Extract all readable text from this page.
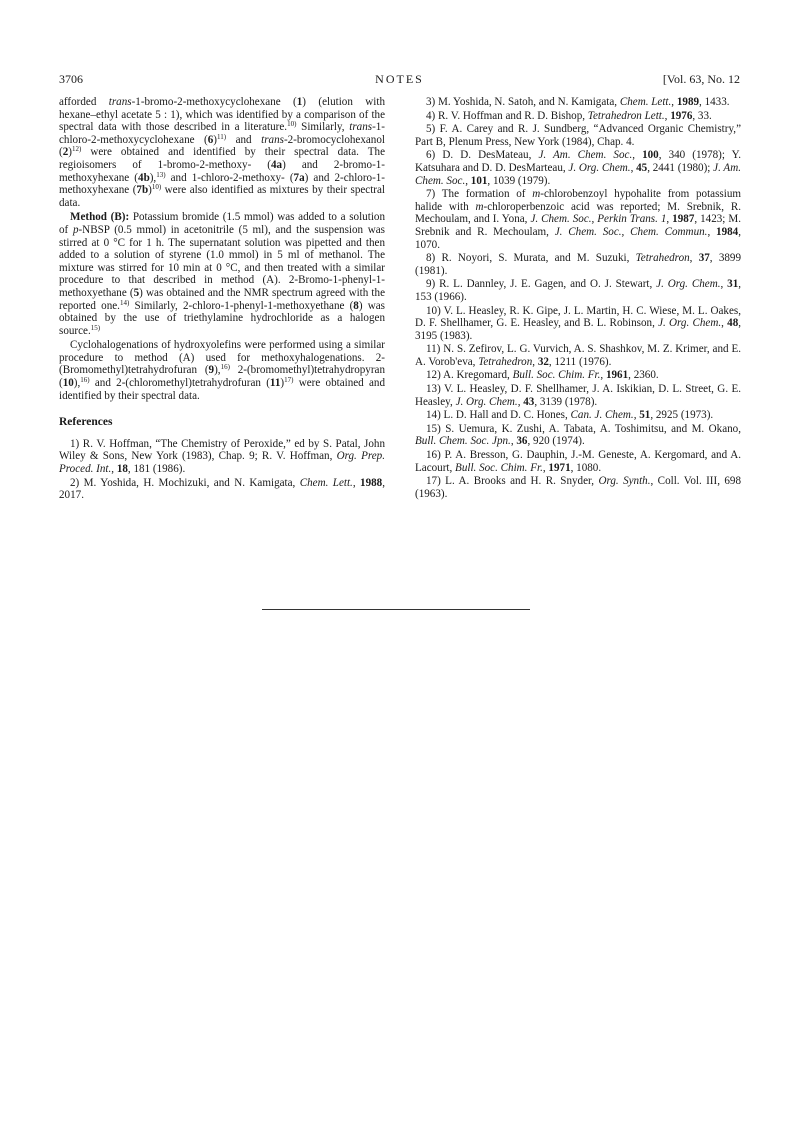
3706	NOTES	[Vol. 63, No. 12

afforded trans-1-bromo-2-methoxycyclohexane (1) (elution with hexane–ethyl acetate 5 : 1), which was identified by a comparison of the spectral data with those described in a literature.$^{10)}$ Similarly, trans-1-chloro-2-methoxycyclohexane $(6)^{11)}$ and trans-2-bromocyclohexanol $(2)^{12)}$ were obtained and identified by their spectral data. The regioisomers of 1-bromo-2-methoxy- (4a) and 2-bromo-1-methoxyhexane (4b),$^{13)}$ and 1-chloro-2-methoxy- (7a) and 2-chloro-1-methoxyhexane $(7b)^{10)}$ were also identified as mixtures by their spectral data.

Method (B): Potassium bromide (1.5 mmol) was added to a solution of p-NBSP (0.5 mmol) in acetonitrile (5 ml), and the suspension was stirred at 0 °C for 1 h. The supernatant solution was pipetted and then added to a solution of styrene (1.0 mmol) in 5 ml of methanol. The mixture was stirred for 10 min at 0 °C, and then treated with a similar procedure to that described in method (A). 2-Bromo-1-phenyl-1-methoxyethane (5) was obtained and the NMR spectrum agreed with the reported one.$^{14)}$ Similarly, 2-chloro-1-phenyl-1-methoxyethane (8) was obtained by the use of triethylamine hydrochloride as a halogen source.$^{15)}$

Cyclohalogenations of hydroxyolefins were performed using a similar procedure to method (A) used for methoxyhalogenations. 2-(Bromomethyl)tetrahydrofuran (9),$^{16)}$ 2-(bromomethyl)tetrahydropyran (10),$^{16)}$ and 2-(chloromethyl)tetrahydrofuran $(11)^{17)}$ were obtained and identified by their spectral data.

References

1) R. V. Hoffman, “The Chemistry of Peroxide,” ed by S. Patal, John Wiley & Sons, New York (1983), Chap. 9; R. V. Hoffman, Org. Prep. Proced. Int., 18, 181 (1986).

2) M. Yoshida, H. Mochizuki, and N. Kamigata, Chem. Lett., 1988, 2017.

3) M. Yoshida, N. Satoh, and N. Kamigata, Chem. Lett., 1989, 1433.

4) R. V. Hoffman and R. D. Bishop, Tetrahedron Lett., 1976, 33.

5) F. A. Carey and R. J. Sundberg, “Advanced Organic Chemistry,” Part B, Plenum Press, New York (1984), Chap. 4.

6) D. D. DesMateau, J. Am. Chem. Soc., 100, 340 (1978); Y. Katsuhara and D. D. DesMarteau, J. Org. Chem., 45, 2441 (1980); J. Am. Chem. Soc., 101, 1039 (1979).

7) The formation of m-chlorobenzoyl hypohalite from potassium halide with m-chloroperbenzoic acid was reported; M. Srebnik, R. Mechoulam, and I. Yona, J. Chem. Soc., Perkin Trans. 1, 1987, 1423; M. Srebnik and R. Mechoulam, J. Chem. Soc., Chem. Commun., 1984, 1070.

8) R. Noyori, S. Murata, and M. Suzuki, Tetrahedron, 37, 3899 (1981).

9) R. L. Dannley, J. E. Gagen, and O. J. Stewart, J. Org. Chem., 31, 153 (1966).

10) V. L. Heasley, R. K. Gipe, J. L. Martin, H. C. Wiese, M. L. Oakes, D. F. Shellhamer, G. E. Heasley, and B. L. Robinson, J. Org. Chem., 48, 3195 (1983).

11) N. S. Zefirov, L. G. Vurvich, A. S. Shashkov, M. Z. Krimer, and E. A. Vorob'eva, Tetrahedron, 32, 1211 (1976).

12) A. Kregomard, Bull. Soc. Chim. Fr., 1961, 2360.

13) V. L. Heasley, D. F. Shellhamer, J. A. Iskikian, D. L. Street, G. E. Heasley, J. Org. Chem., 43, 3139 (1978).

14) L. D. Hall and D. C. Hones, Can. J. Chem., 51, 2925 (1973).

15) S. Uemura, K. Zushi, A. Tabata, A. Toshimitsu, and M. Okano, Bull. Chem. Soc. Jpn., 36, 920 (1974).

16) P. A. Bresson, G. Dauphin, J.-M. Geneste, A. Kergomard, and A. Lacourt, Bull. Soc. Chim. Fr., 1971, 1080.

17) L. A. Brooks and H. R. Snyder, Org. Synth., Coll. Vol. III, 698 (1963).
